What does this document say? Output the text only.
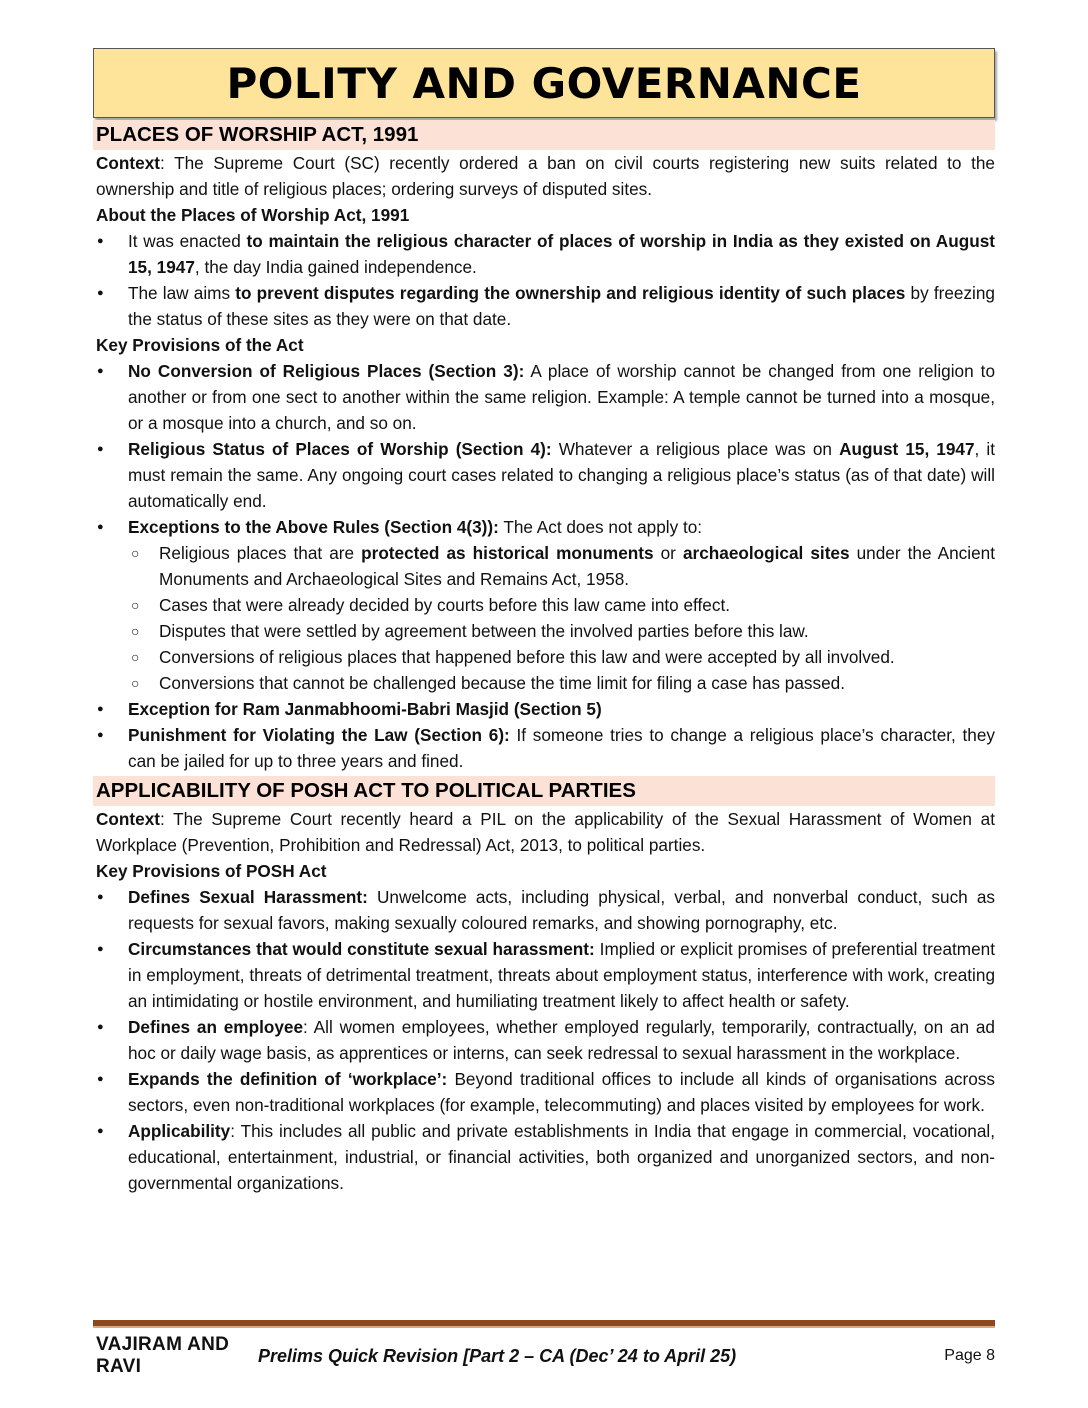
POLITY AND GOVERNANCE
PLACES OF WORSHIP ACT, 1991

Context: The Supreme Court (SC) recently ordered a ban on civil courts registering new suits related to the ownership and title of religious places; ordering surveys of disputed sites.

About the Places of Worship Act, 1991

● It was enacted to maintain the religious character of places of worship in India as they existed on August 15, 1947, the day India gained independence.
● The law aims to prevent disputes regarding the ownership and religious identity of such places by freezing the status of these sites as they were on that date.

Key Provisions of the Act

● No Conversion of Religious Places (Section 3): A place of worship cannot be changed from one religion to another or from one sect to another within the same religion. Example: A temple cannot be turned into a mosque, or a mosque into a church, and so on.
● Religious Status of Places of Worship (Section 4): Whatever a religious place was on August 15, 1947, it must remain the same. Any ongoing court cases related to changing a religious place’s status (as of that date) will automatically end.
● Exceptions to the Above Rules (Section 4(3)): The Act does not apply to:
○ Religious places that are protected as historical monuments or archaeological sites under the Ancient Monuments and Archaeological Sites and Remains Act, 1958.
○ Cases that were already decided by courts before this law came into effect.
○ Disputes that were settled by agreement between the involved parties before this law.
○ Conversions of religious places that happened before this law and were accepted by all involved.
○ Conversions that cannot be challenged because the time limit for filing a case has passed.
● Exception for Ram Janmabhoomi-Babri Masjid (Section 5)
● Punishment for Violating the Law (Section 6): If someone tries to change a religious place’s character, they can be jailed for up to three years and fined.
APPLICABILITY OF POSH ACT TO POLITICAL PARTIES

Context: The Supreme Court recently heard a PIL on the applicability of the Sexual Harassment of Women at Workplace (Prevention, Prohibition and Redressal) Act, 2013, to political parties.

Key Provisions of POSH Act

● Defines Sexual Harassment: Unwelcome acts, including physical, verbal, and nonverbal conduct, such as requests for sexual favors, making sexually coloured remarks, and showing pornography, etc.
● Circumstances that would constitute sexual harassment: Implied or explicit promises of preferential treatment in employment, threats of detrimental treatment, threats about employment status, interference with work, creating an intimidating or hostile environment, and humiliating treatment likely to affect health or safety.
● Defines an employee: All women employees, whether employed regularly, temporarily, contractually, on an ad hoc or daily wage basis, as apprentices or interns, can seek redressal to sexual harassment in the workplace.
● Expands the definition of ‘workplace’: Beyond traditional offices to include all kinds of organisations across sectors, even non-traditional workplaces (for example, telecommuting) and places visited by employees for work.
● Applicability: This includes all public and private establishments in India that engage in commercial, vocational, educational, entertainment, industrial, or financial activities, both organized and unorganized sectors, and non-governmental organizations.
VAJIRAM AND RAVI
Prelims Quick Revision [Part 2 – CA (Dec’ 24 to April 25)	Page 8
